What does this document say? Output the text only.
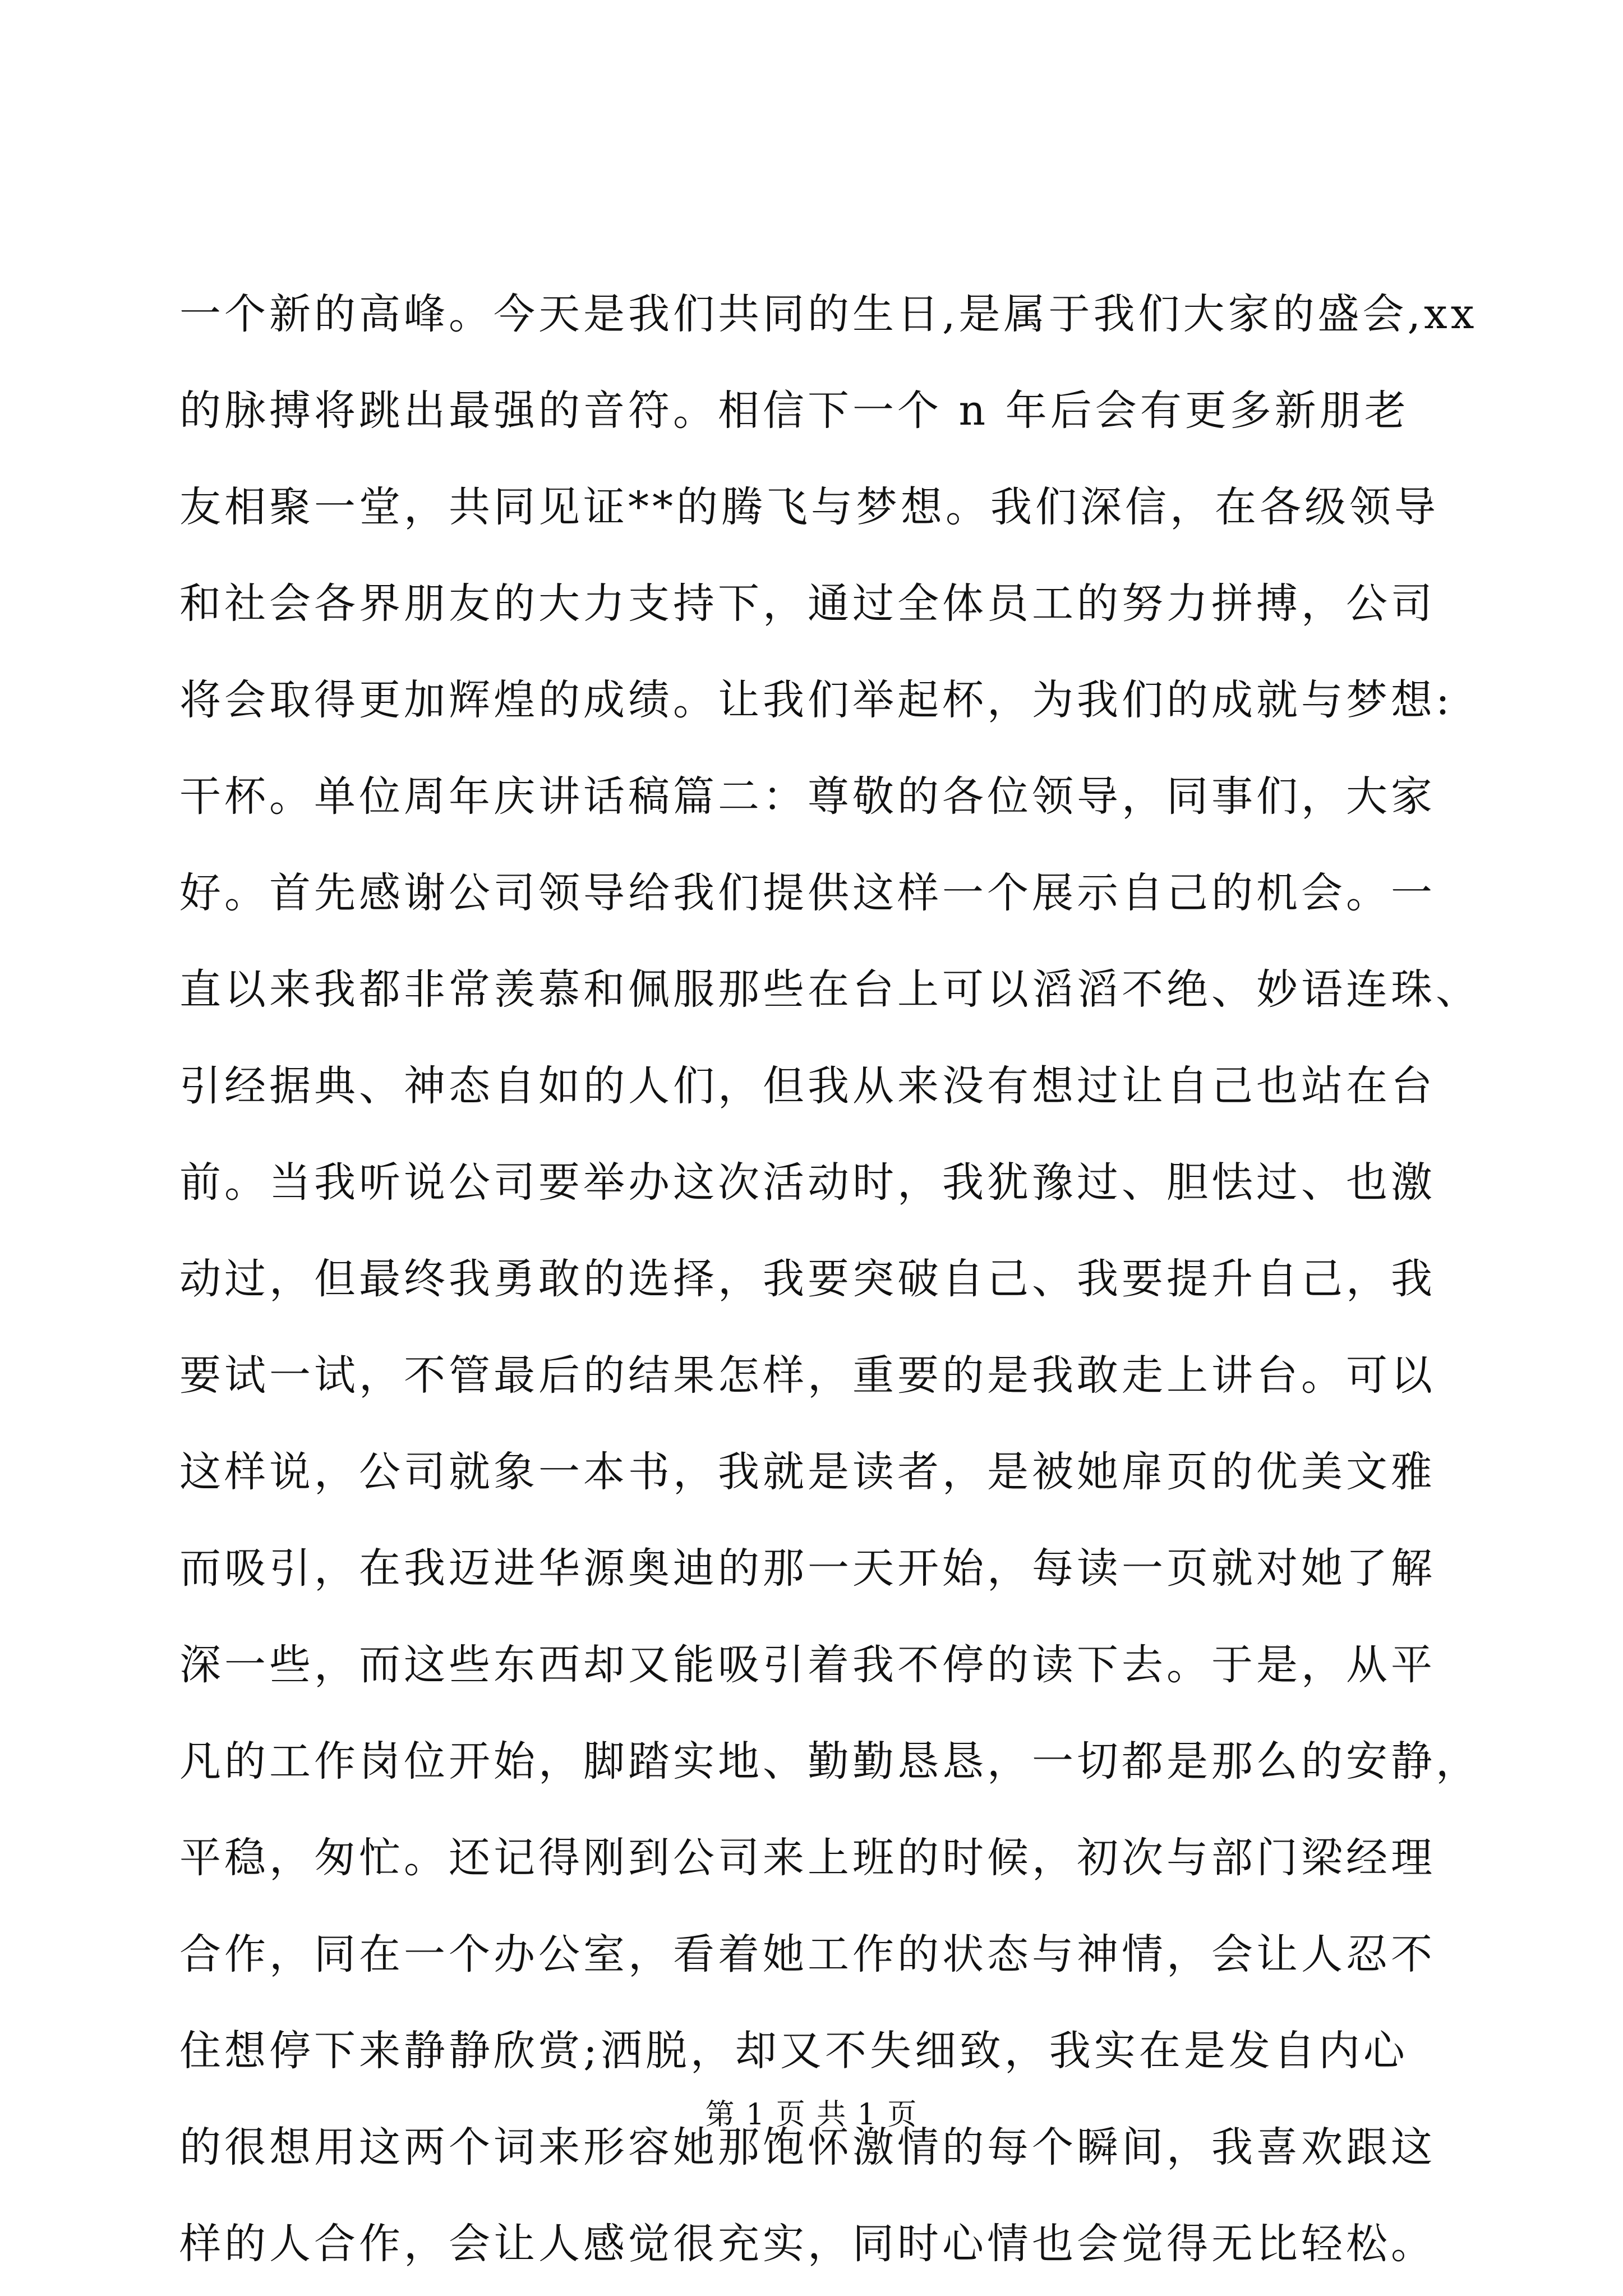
一个新的高峰。今天是我们共同的生日,是属于我们大家的盛会,xx
的脉搏将跳出最强的音符。相信下一个 n 年后会有更多新朋老
友相聚一堂，共同见证**的腾飞与梦想。我们深信，在各级领导
和社会各界朋友的大力支持下，通过全体员工的努力拼搏，公司
将会取得更加辉煌的成绩。让我们举起杯，为我们的成就与梦想:
干杯。单位周年庆讲话稿篇二：尊敬的各位领导，同事们，大家
好。首先感谢公司领导给我们提供这样一个展示自己的机会。一
直以来我都非常羡慕和佩服那些在台上可以滔滔不绝、妙语连珠、
引经据典、神态自如的人们，但我从来没有想过让自己也站在台
前。当我听说公司要举办这次活动时，我犹豫过、胆怯过、也激
动过，但最终我勇敢的选择，我要突破自己、我要提升自己，我
要试一试，不管最后的结果怎样，重要的是我敢走上讲台。可以
这样说，公司就象一本书，我就是读者，是被她扉页的优美文雅
而吸引，在我迈进华源奥迪的那一天开始，每读一页就对她了解
深一些，而这些东西却又能吸引着我不停的读下去。于是，从平
凡的工作岗位开始，脚踏实地、勤勤恳恳，一切都是那么的安静，
平稳，匆忙。还记得刚到公司来上班的时候，初次与部门梁经理
合作，同在一个办公室，看着她工作的状态与神情，会让人忍不
住想停下来静静欣赏;洒脱，却又不失细致，我实在是发自内心
的很想用这两个词来形容她那饱怀激情的每个瞬间，我喜欢跟这
样的人合作，会让人感觉很充实，同时心情也会觉得无比轻松。
第 1 页 共 1 页
